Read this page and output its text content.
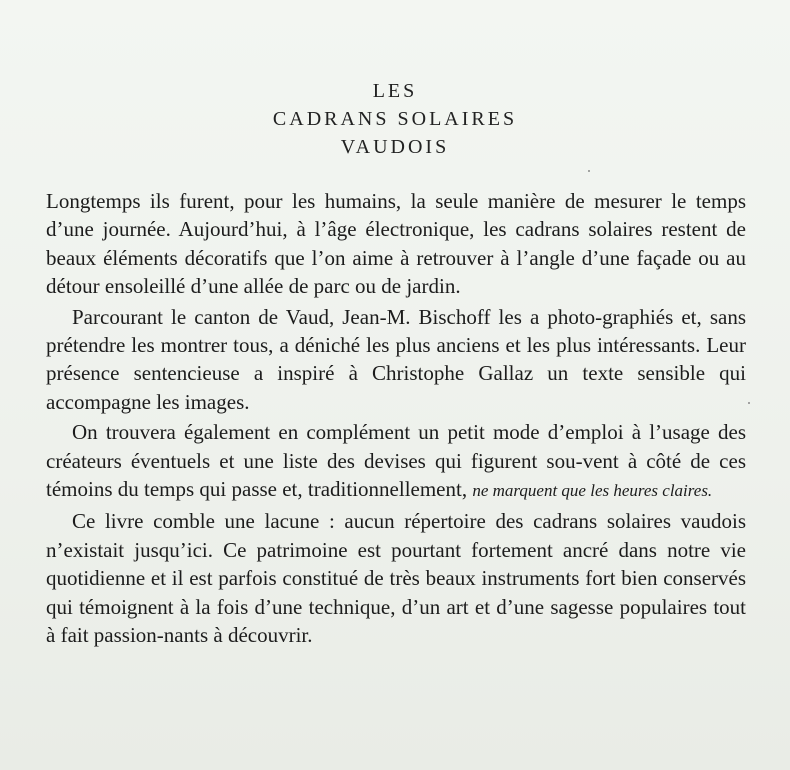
LES
CADRANS SOLAIRES
VAUDOIS

Longtemps ils furent, pour les humains, la seule manière de mesurer le temps d’une journée. Aujourd’hui, à l’âge électronique, les cadrans solaires restent de beaux éléments décoratifs que l’on aime à retrouver à l’angle d’une façade ou au détour ensoleillé d’une allée de parc ou de jardin.

Parcourant le canton de Vaud, Jean-M. Bischoff les a photo-graphiés et, sans prétendre les montrer tous, a déniché les plus anciens et les plus intéressants. Leur présence sentencieuse a inspiré à Christophe Gallaz un texte sensible qui accompagne les images.

On trouvera également en complément un petit mode d’emploi à l’usage des créateurs éventuels et une liste des devises qui figurent sou-vent à côté de ces témoins du temps qui passe et, traditionnellement, ne marquent que les heures claires.

Ce livre comble une lacune : aucun répertoire des cadrans solaires vaudois n’existait jusqu’ici. Ce patrimoine est pourtant fortement ancré dans notre vie quotidienne et il est parfois constitué de très beaux instruments fort bien conservés qui témoignent à la fois d’une technique, d’un art et d’une sagesse populaires tout à fait passion-nants à découvrir.
